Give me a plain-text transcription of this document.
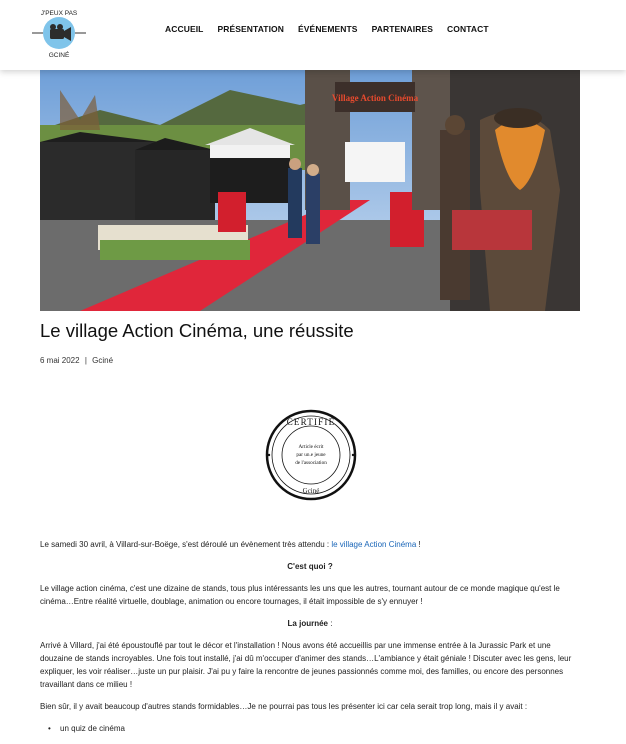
J'PEUX PAS
GCINÉ
ACCUEIL PRÉSENTATION ÉVÉNEMENTS PARTENAIRES CONTACT
Village Action Cinéma
Le village Action Cinéma, une réussite
6 mai 2022 | Gciné
CERTIFIÉ
Article écrit
par un.e jeune
de l'association
Gciné

Le samedi 30 avril, à Villard-sur-Boëge, s'est déroulé un évènement très attendu : le village Action Cinéma !

C'est quoi ?

Le village action cinéma, c'est une dizaine de stands, tous plus intéressants les uns que les autres, tournant autour de ce monde magique qu'est le cinéma…Entre réalité virtuelle, doublage, animation ou encore tournages, il était impossible de s'y ennuyer !

La journée :

Arrivé à Villard, j'ai été époustouflé par tout le décor et l'installation ! Nous avons été accueillis par une immense entrée à la Jurassic Park et une douzaine de stands incroyables. Une fois tout installé, j'ai dû m'occuper d'animer des stands…L'ambiance y était géniale ! Discuter avec les gens, leur expliquer, les voir réaliser…juste un pur plaisir. J'ai pu y faire la rencontre de jeunes passionnés comme moi, des familles, ou encore des personnes travaillant dans ce milieu !

Bien sûr, il y avait beaucoup d'autres stands formidables…Je ne pourrai pas tous les présenter ici car cela serait trop long, mais il y avait :

• un quiz de cinéma
